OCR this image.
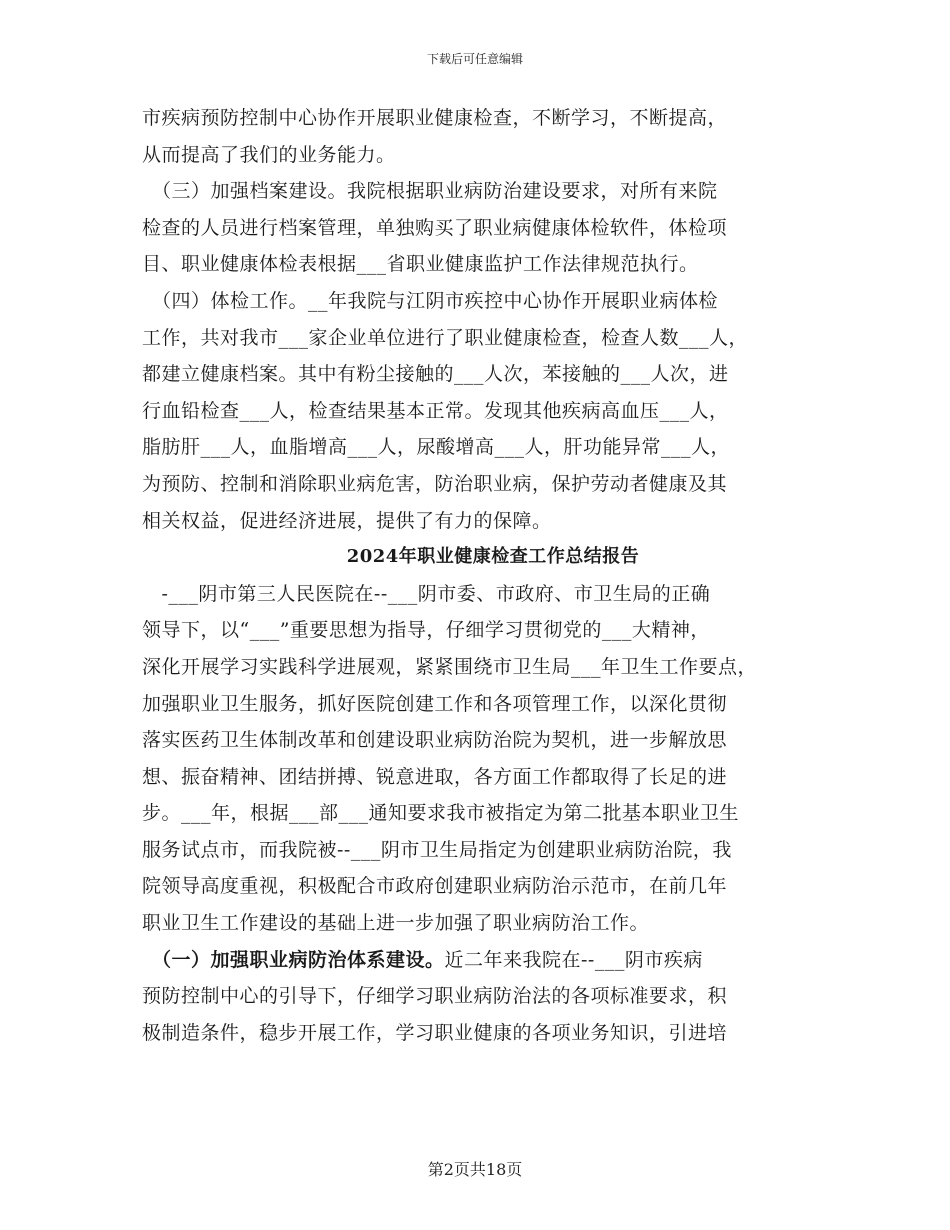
下载后可任意编辑
市疾病预防控制中心协作开展职业健康检查，不断学习，不断提高，
从而提高了我们的业务能力。
　（三）加强档案建设。我院根据职业病防治建设要求，对所有来院
检查的人员进行档案管理，单独购买了职业病健康体检软件，体检项
目、职业健康体检表根据___省职业健康监护工作法律规范执行。
　（四）体检工作。__年我院与江阴市疾控中心协作开展职业病体检
工作，共对我市___家企业单位进行了职业健康检查，检查人数___人，
都建立健康档案。其中有粉尘接触的___人次，苯接触的___人次，进
行血铅检查___人，检查结果基本正常。发现其他疾病高血压___人，
脂肪肝___人，血脂增高___人，尿酸增高___人，肝功能异常___人，
为预防、控制和消除职业病危害，防治职业病，保护劳动者健康及其
相关权益，促进经济进展，提供了有力的保障。
2024年职业健康检查工作总结报告
　-___阴市第三人民医院在--___阴市委、市政府、市卫生局的正确
领导下，以“___”重要思想为指导，仔细学习贯彻党的___大精神，
深化开展学习实践科学进展观，紧紧围绕市卫生局___年卫生工作要点，
加强职业卫生服务，抓好医院创建工作和各项管理工作，以深化贯彻
落实医药卫生体制改革和创建设职业病防治院为契机，进一步解放思
想、振奋精神、团结拼搏、锐意进取，各方面工作都取得了长足的进
步。___年，根据___部___通知要求我市被指定为第二批基本职业卫生
服务试点市，而我院被--___阴市卫生局指定为创建职业病防治院，我
院领导高度重视，积极配合市政府创建职业病防治示范市，在前几年
职业卫生工作建设的基础上进一步加强了职业病防治工作。
　（一）加强职业病防治体系建设。近二年来我院在--___阴市疾病
预防控制中心的引导下，仔细学习职业病防治法的各项标准要求，积
极制造条件，稳步开展工作，学习职业健康的各项业务知识，引进培
第2页共18页
